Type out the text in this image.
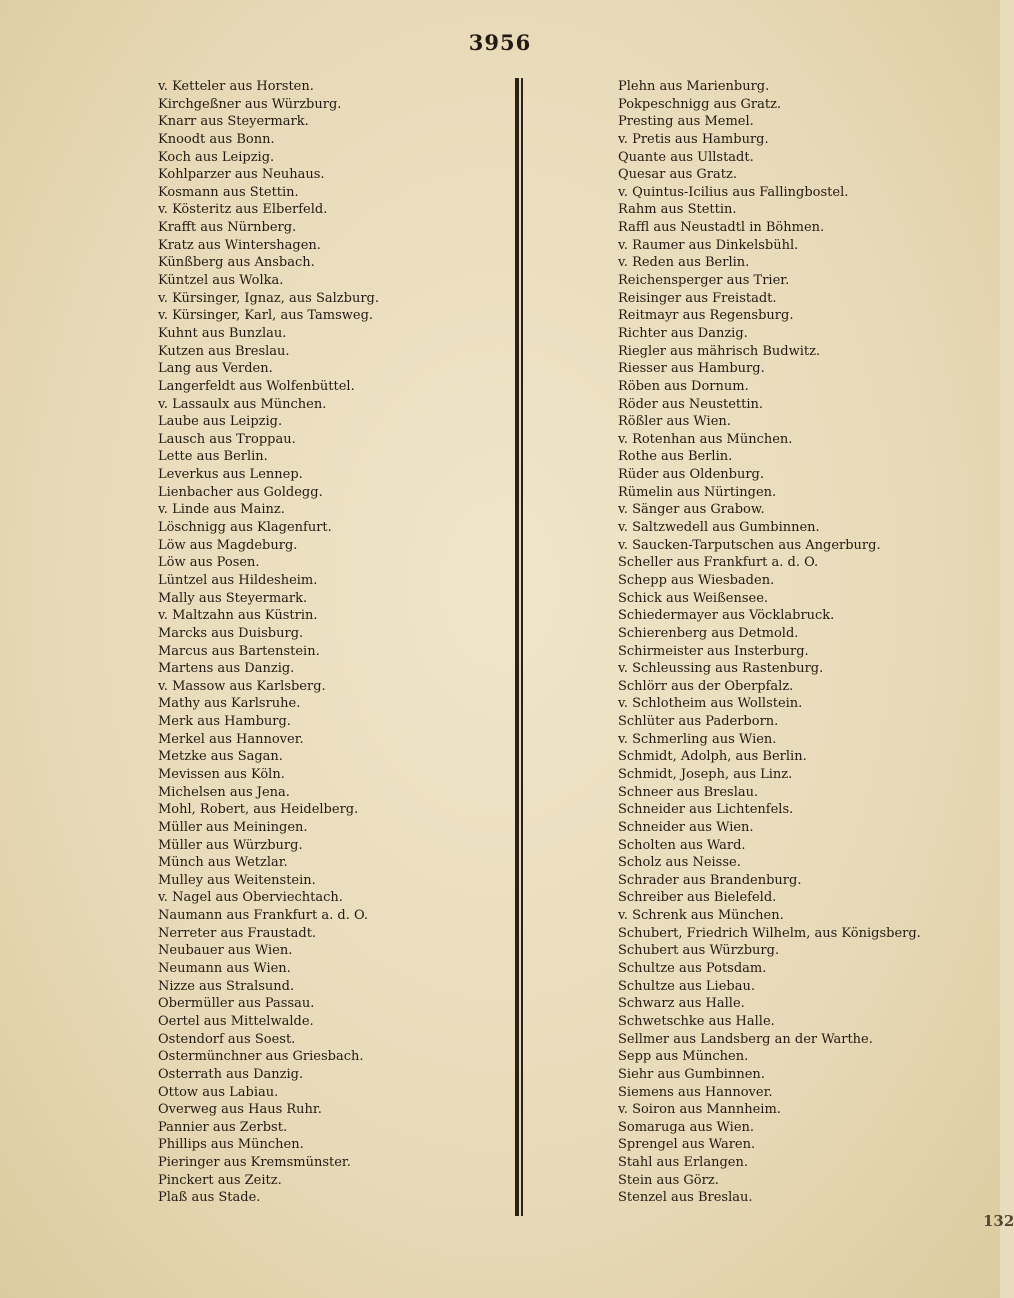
3956
v. Ketteler aus Horsten.
Kirchgeßner aus Würzburg.
Knarr aus Steyermark.
Knoodt aus Bonn.
Koch aus Leipzig.
Kohlparzer aus Neuhaus.
Kosmann aus Stettin.
v. Kösteritz aus Elberfeld.
Krafft aus Nürnberg.
Kratz aus Wintershagen.
Künßberg aus Ansbach.
Küntzel aus Wolka.
v. Kürsinger, Ignaz, aus Salzburg.
v. Kürsinger, Karl, aus Tamsweg.
Kuhnt aus Bunzlau.
Kutzen aus Breslau.
Lang aus Verden.
Langerfeldt aus Wolfenbüttel.
v. Lassaulx aus München.
Laube aus Leipzig.
Lausch aus Troppau.
Lette aus Berlin.
Leverkus aus Lennep.
Lienbacher aus Goldegg.
v. Linde aus Mainz.
Löschnigg aus Klagenfurt.
Löw aus Magdeburg.
Löw aus Posen.
Lüntzel aus Hildesheim.
Mally aus Steyermark.
v. Maltzahn aus Küstrin.
Marcks aus Duisburg.
Marcus aus Bartenstein.
Martens aus Danzig.
v. Massow aus Karlsberg.
Mathy aus Karlsruhe.
Merk aus Hamburg.
Merkel aus Hannover.
Metzke aus Sagan.
Mevissen aus Köln.
Michelsen aus Jena.
Mohl, Robert, aus Heidelberg.
Müller aus Meiningen.
Müller aus Würzburg.
Münch aus Wetzlar.
Mulley aus Weitenstein.
v. Nagel aus Oberviechtach.
Naumann aus Frankfurt a. d. O.
Nerreter aus Fraustadt.
Neubauer aus Wien.
Neumann aus Wien.
Nizze aus Stralsund.
Obermüller aus Passau.
Oertel aus Mittelwalde.
Ostendorf aus Soest.
Ostermünchner aus Griesbach.
Osterrath aus Danzig.
Ottow aus Labiau.
Overweg aus Haus Ruhr.
Pannier aus Zerbst.
Phillips aus München.
Pieringer aus Kremsmünster.
Pinckert aus Zeitz.
Plaß aus Stade.
Plehn aus Marienburg.
Pokpeschnigg aus Gratz.
Presting aus Memel.
v. Pretis aus Hamburg.
Quante aus Ullstadt.
Quesar aus Gratz.
v. Quintus-Icilius aus Fallingbostel.
Rahm aus Stettin.
Raffl aus Neustadtl in Böhmen.
v. Raumer aus Dinkelsbühl.
v. Reden aus Berlin.
Reichensperger aus Trier.
Reisinger aus Freistadt.
Reitmayr aus Regensburg.
Richter aus Danzig.
Riegler aus mährisch Budwitz.
Riesser aus Hamburg.
Röben aus Dornum.
Röder aus Neustettin.
Rößler aus Wien.
v. Rotenhan aus München.
Rothe aus Berlin.
Rüder aus Oldenburg.
Rümelin aus Nürtingen.
v. Sänger aus Grabow.
v. Saltzwedell aus Gumbinnen.
v. Saucken-Tarputschen aus Angerburg.
Scheller aus Frankfurt a. d. O.
Schepp aus Wiesbaden.
Schick aus Weißensee.
Schiedermayer aus Vöcklabruck.
Schierenberg aus Detmold.
Schirmeister aus Insterburg.
v. Schleussing aus Rastenburg.
Schlörr aus der Oberpfalz.
v. Schlotheim aus Wollstein.
Schlüter aus Paderborn.
v. Schmerling aus Wien.
Schmidt, Adolph, aus Berlin.
Schmidt, Joseph, aus Linz.
Schneer aus Breslau.
Schneider aus Lichtenfels.
Schneider aus Wien.
Scholten aus Ward.
Scholz aus Neisse.
Schrader aus Brandenburg.
Schreiber aus Bielefeld.
v. Schrenk aus München.
Schubert, Friedrich Wilhelm, aus Königsberg.
Schubert aus Würzburg.
Schultze aus Potsdam.
Schultze aus Liebau.
Schwarz aus Halle.
Schwetschke aus Halle.
Sellmer aus Landsberg an der Warthe.
Sepp aus München.
Siehr aus Gumbinnen.
Siemens aus Hannover.
v. Soiron aus Mannheim.
Somaruga aus Wien.
Sprengel aus Waren.
Stahl aus Erlangen.
Stein aus Görz.
Stenzel aus Breslau.
132
